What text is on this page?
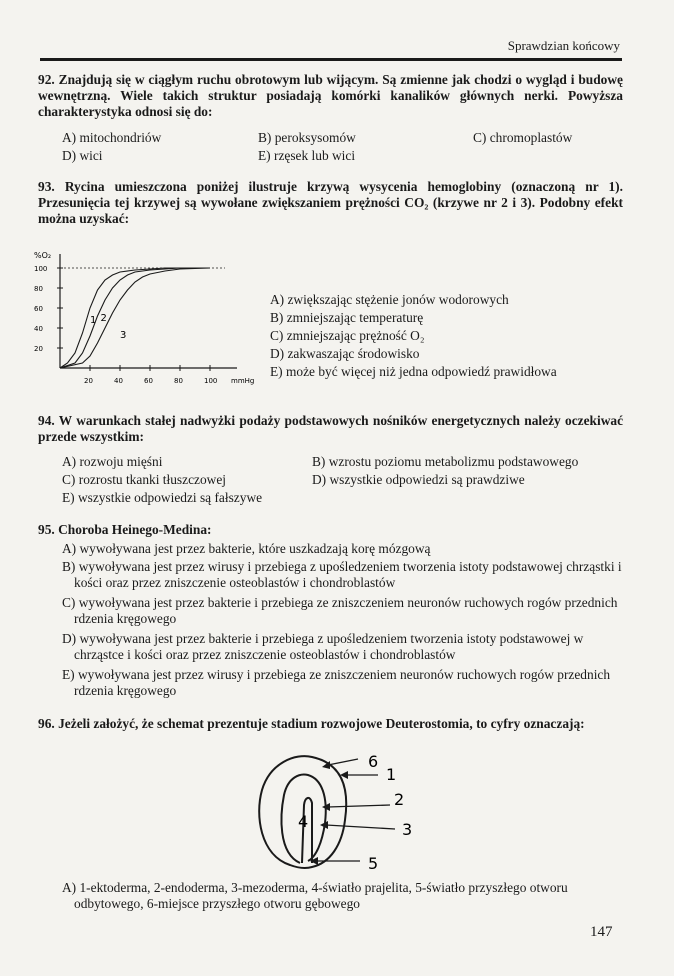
Sprawdzian końcowy
92. Znajdują się w ciągłym ruchu obrotowym lub wijącym. Są zmienne jak chodzi o wygląd i budowę wewnętrzną. Wiele takich struktur posiadają komórki kanalików głównych nerki. Powyższa charakterystyka odnosi się do:
A) mitochondriów	B) peroksysomów	C) chromoplastów
D) wici	E) rzęsek lub wici
93. Rycina umieszczona poniżej ilustruje krzywą wysycenia hemoglobiny (oznaczoną nr 1). Przesunięcia tej krzywej są wywołane zwiększaniem prężności CO₂ (krzywe nr 2 i 3). Podobny efekt można uzyskać:
%O₂
mmHg
100
80
60
40
20
20	40	60	80	100
1 2
3
A) zwiększając stężenie jonów wodorowych
B) zmniejszając temperaturę
C) zmniejszając prężność O₂
D) zakwaszając środowisko
E) może być więcej niż jedna odpowiedź prawidłowa
94. W warunkach stałej nadwyżki podaży podstawowych nośników energetycznych należy oczekiwać przede wszystkim:
A) rozwoju mięśni	B) wzrostu poziomu metabolizmu podstawowego
C) rozrostu tkanki tłuszczowej	D) wszystkie odpowiedzi są prawdziwe
E) wszystkie odpowiedzi są fałszywe
95. Choroba Heinego-Medina:
A) wywoływana jest przez bakterie, które uszkadzają korę mózgową
B) wywoływana jest przez wirusy i przebiega z upośledzeniem tworzenia istoty podstawowej chrząstki i kości oraz przez zniszczenie osteoblastów i chondroblastów
C) wywoływana jest przez bakterie i przebiega ze zniszczeniem neuronów ruchowych rogów przednich rdzenia kręgowego
D) wywoływana jest przez bakterie i przebiega z upośledzeniem tworzenia istoty podstawowej w chrząstce i kości oraz przez zniszczenie osteoblastów i chondroblastów
E) wywoływana jest przez wirusy i przebiega ze zniszczeniem neuronów ruchowych rogów przednich rdzenia kręgowego
96. Jeżeli założyć, że schemat prezentuje stadium rozwojowe Deuterostomia, to cyfry oznaczają:
6
1
2
4	3
5
A) 1-ektoderma, 2-endoderma, 3-mezoderma, 4-światło prajelita, 5-światło przyszłego otworu odbytowego, 6-miejsce przyszłego otworu gębowego
147
